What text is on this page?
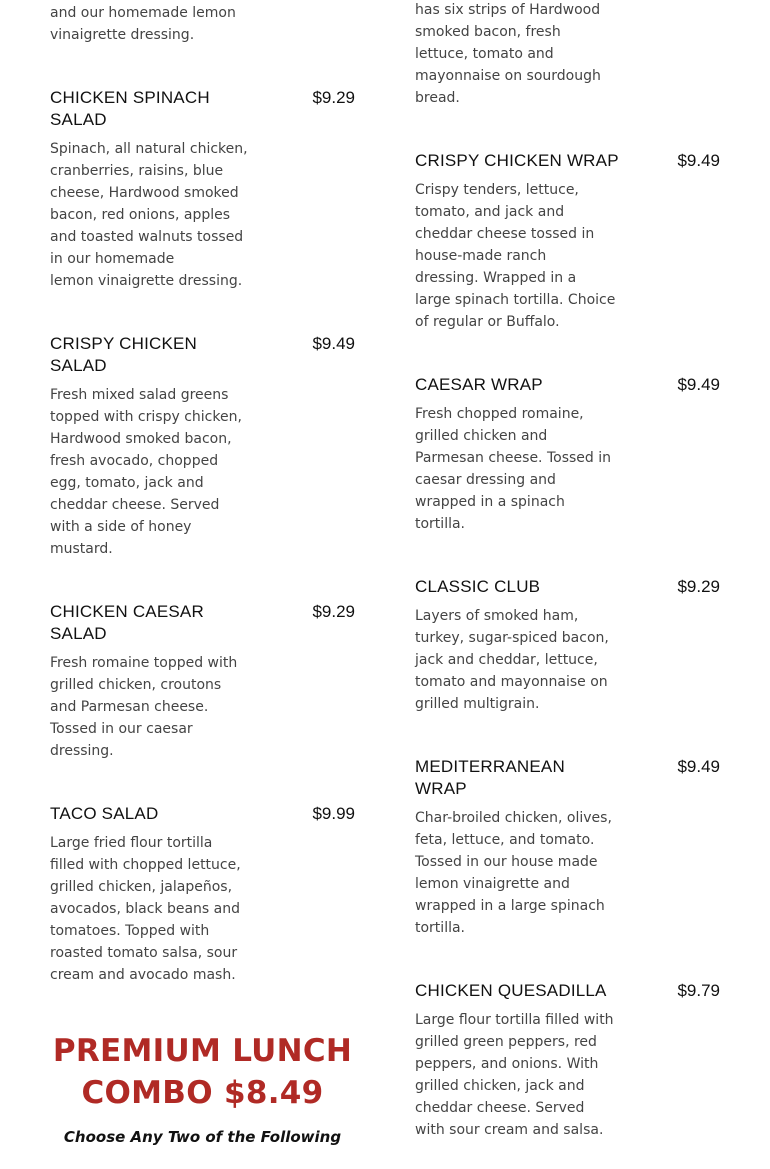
and our homemade lemon
vinaigrette dressing.

CHICKEN SPINACH
SALAD
$9.29

Spinach, all natural chicken,
cranberries, raisins, blue
cheese, Hardwood smoked
bacon, red onions, apples
and toasted walnuts tossed
in our homemade
lemon vinaigrette dressing.

CRISPY CHICKEN
SALAD
$9.49

Fresh mixed salad greens
topped with crispy chicken,
Hardwood smoked bacon,
fresh avocado, chopped
egg, tomato, jack and
cheddar cheese. Served
with a side of honey
mustard.

CHICKEN CAESAR
SALAD
$9.29

Fresh romaine topped with
grilled chicken, croutons
and Parmesan cheese.
Tossed in our caesar
dressing.

TACO SALAD	$9.99

Large fried flour tortilla
filled with chopped lettuce,
grilled chicken, jalapeños,
avocados, black beans and
tomatoes. Topped with
roasted tomato salsa, sour
cream and avocado mash.

PREMIUM LUNCH
COMBO $8.49
Choose Any Two of the Following

has six strips of Hardwood
smoked bacon, fresh
lettuce, tomato and
mayonnaise on sourdough
bread.

CRISPY CHICKEN WRAP	$9.49

Crispy tenders, lettuce,
tomato, and jack and
cheddar cheese tossed in
house-made ranch
dressing. Wrapped in a
large spinach tortilla. Choice
of regular or Buffalo.

CAESAR WRAP	$9.49

Fresh chopped romaine,
grilled chicken and
Parmesan cheese. Tossed in
caesar dressing and
wrapped in a spinach
tortilla.

CLASSIC CLUB	$9.29

Layers of smoked ham,
turkey, sugar-spiced bacon,
jack and cheddar, lettuce,
tomato and mayonnaise on
grilled multigrain.

MEDITERRANEAN
WRAP
$9.49

Char-broiled chicken, olives,
feta, lettuce, and tomato.
Tossed in our house made
lemon vinaigrette and
wrapped in a large spinach
tortilla.

CHICKEN QUESADILLA	$9.79

Large flour tortilla filled with
grilled green peppers, red
peppers, and onions. With
grilled chicken, jack and
cheddar cheese. Served
with sour cream and salsa.
